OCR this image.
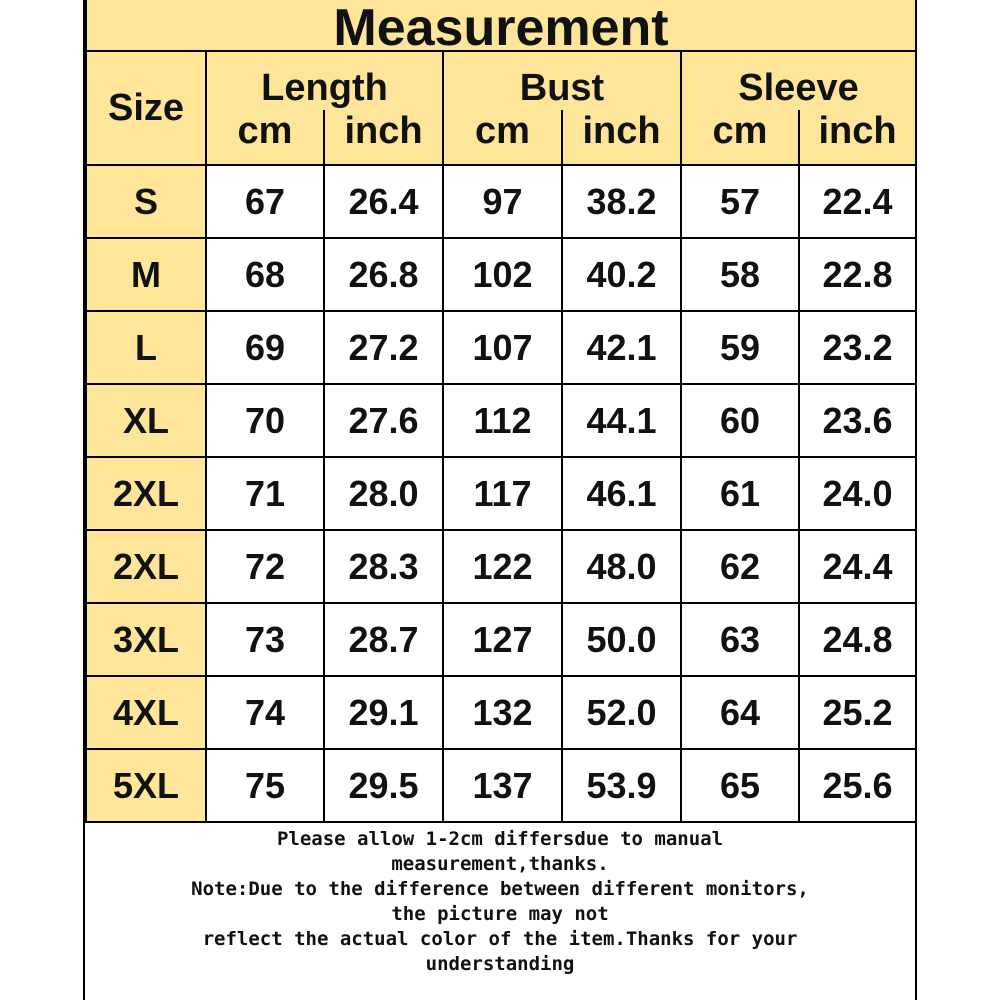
Measurement						

Size	Length		Bust		Sleeve	
	cm	inch	cm	inch	cm	inch
S	67	26.4	97	38.2	57	22.4
M	68	26.8	102	40.2	58	22.8
L	69	27.2	107	42.1	59	23.2
XL	70	27.6	112	44.1	60	23.6
2XL	71	28.0	117	46.1	61	24.0
2XL	72	28.3	122	48.0	62	24.4
3XL	73	28.7	127	50.0	63	24.8
4XL	74	29.1	132	52.0	64	25.2
5XL	75	29.5	137	53.9	65	25.6
Please allow 1-2cm differsdue to manual
measurement,thanks.
Note:Due to the difference between different monitors,
the picture may not
reflect the actual color of the item.Thanks for your
understanding
